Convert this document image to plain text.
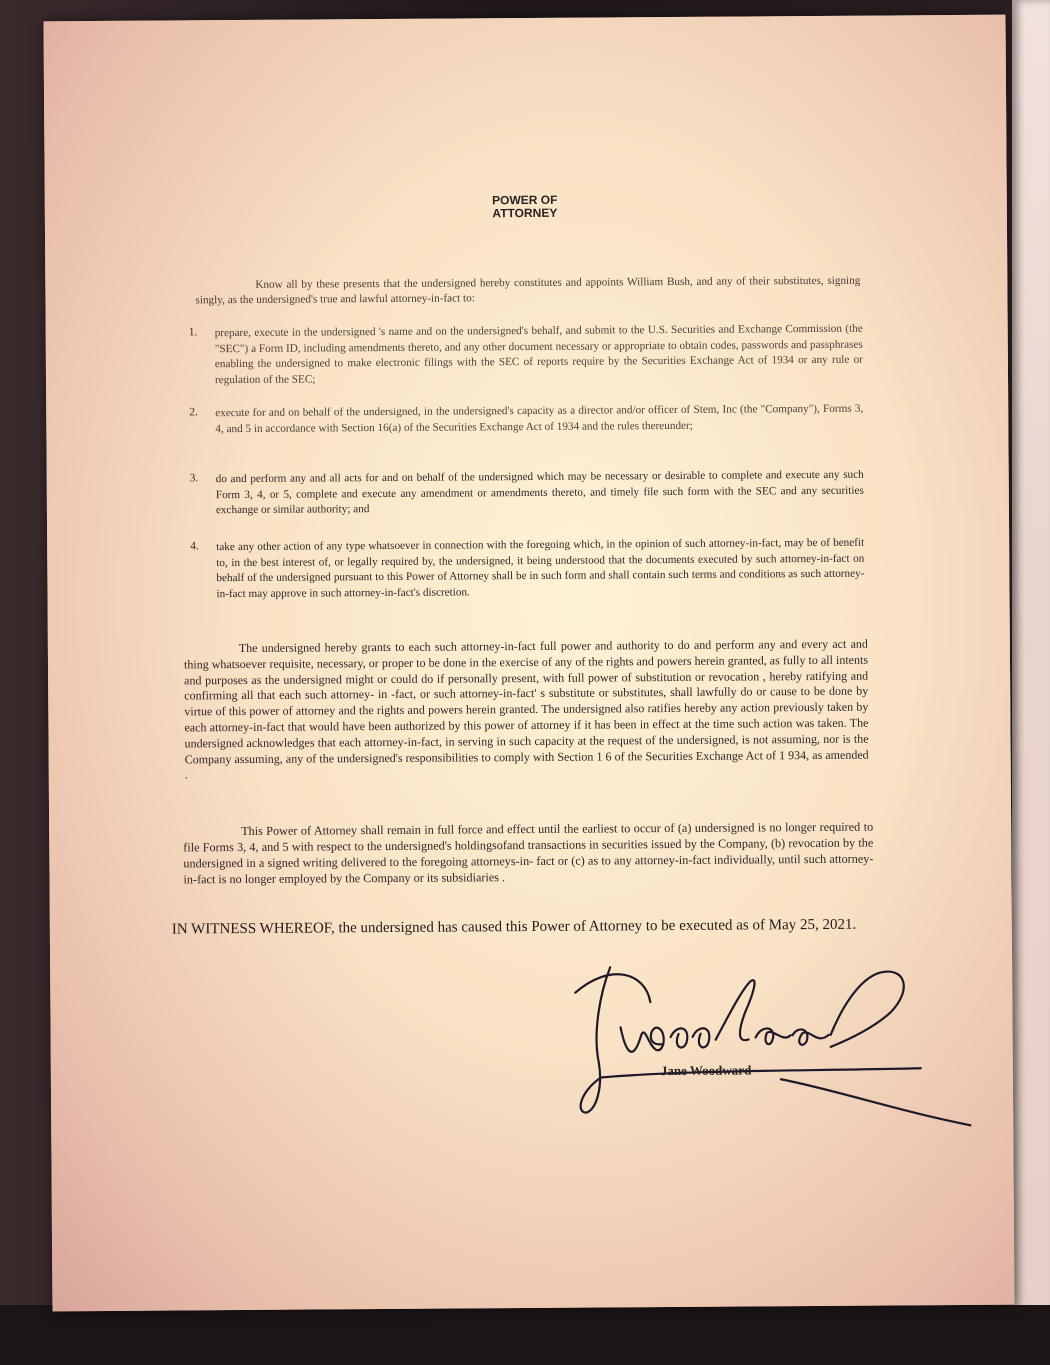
POWER OF ATTORNEY
Know all by these presents that the undersigned hereby constitutes and appoints William Bush, and any of their substitutes, signing singly, as the undersigned's true and lawful attorney-in-fact to:
1. prepare, execute in the undersigned 's name and on the undersigned's behalf, and submit to the U.S. Securities and Exchange Commission (the "SEC") a Form ID, including amendments thereto, and any other document necessary or appropriate to obtain codes, passwords and passphrases enabling the undersigned to make electronic filings with the SEC of reports require by the Securities Exchange Act of 1934 or any rule or regulation of the SEC;
2. execute for and on behalf of the undersigned, in the undersigned's capacity as a director and/or officer of Stem, Inc (the "Company"), Forms 3, 4, and 5 in accordance with Section 16(a) of the Securities Exchange Act of 1934 and the rules thereunder;
3. do and perform any and all acts for and on behalf of the undersigned which may be necessary or desirable to complete and execute any such Form 3, 4, or 5, complete and execute any amendment or amendments thereto, and timely file such form with the SEC and any securities exchange or similar authority; and
4. take any other action of any type whatsoever in connection with the foregoing which, in the opinion of such attorney-in-fact, may be of benefit to, in the best interest of, or legally required by, the undersigned, it being understood that the documents executed by such attorney-in-fact on behalf of the undersigned pursuant to this Power of Attorney shall be in such form and shall contain such terms and conditions as such attorney-in-fact may approve in such attorney-in-fact's discretion.
The undersigned hereby grants to each such attorney-in-fact full power and authority to do and perform any and every act and thing whatsoever requisite, necessary, or proper to be done in the exercise of any of the rights and powers herein granted, as fully to all intents and purposes as the undersigned might or could do if personally present, with full power of substitution or revocation , hereby ratifying and confirming all that each such attorney- in -fact, or such attorney-in-fact' s substitute or substitutes, shall lawfully do or cause to be done by virtue of this power of attorney and the rights and powers herein granted. The undersigned also ratifies hereby any action previously taken by each attorney-in-fact that would have been authorized by this power of attorney if it has been in effect at the time such action was taken. The undersigned acknowledges that each attorney-in-fact, in serving in such capacity at the request of the undersigned, is not assuming, nor is the Company assuming, any of the undersigned's responsibilities to comply with Section 1 6 of the Securities Exchange Act of 1 934, as amended .
This Power of Attorney shall remain in full force and effect until the earliest to occur of (a) undersigned is no longer required to file Forms 3, 4, and 5 with respect to the undersigned's holdingsofand transactions in securities issued by the Company, (b) revocation by the undersigned in a signed writing delivered to the foregoing attorneys-in- fact or (c) as to any attorney-in-fact individually, until such attorney-in-fact is no longer employed by the Company or its subsidiaries .
IN WITNESS WHEREOF, the undersigned has caused this Power of Attorney to be executed as of May 25, 2021.
JWoodward
Jane Woodward
